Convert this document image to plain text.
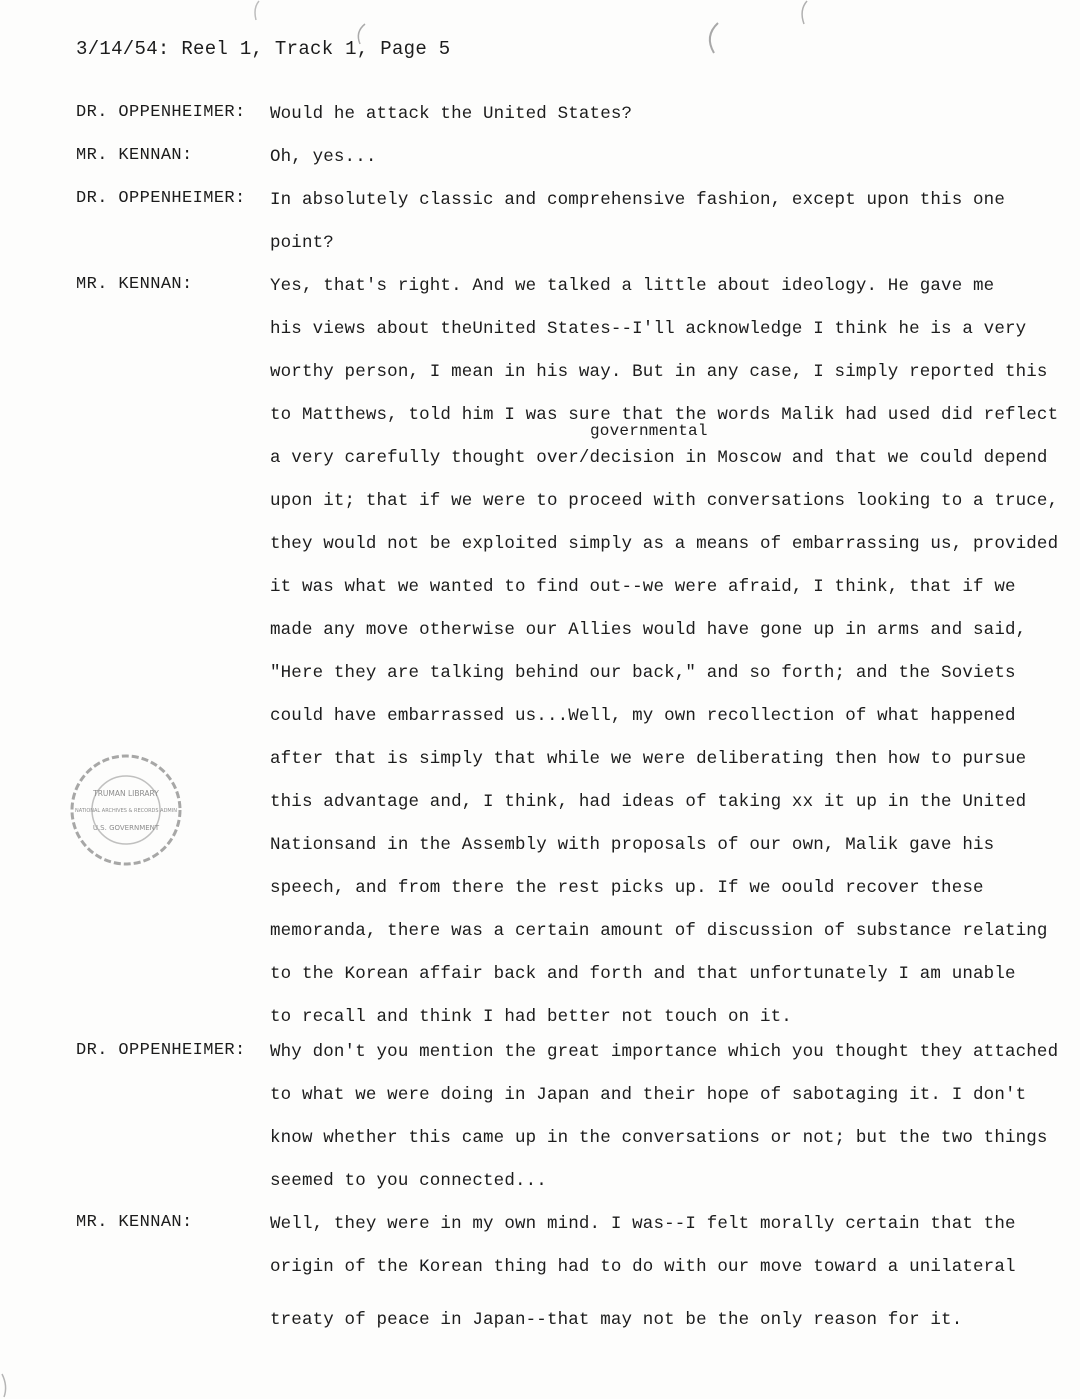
3/14/54: Reel 1, Track 1, Page 5
DR. OPPENHEIMER: Would he attack the United States?
MR. KENNAN:	Oh, yes...
DR. OPPENHEIMER: In absolutely classic and comprehensive fashion, except upon this one
point?
MR. KENNAN:	Yes, that's right. And we talked a little about ideology. He gave me
his views about theUnited States--I'll acknowledge I think he is a very
worthy person, I mean in his way. But in any case, I simply reported this
to Matthews, told him I was sure that the words Malik had used did reflect
a very carefully thought over/decision in Moscow and that we could depend
upon it; that if we were to proceed with conversations looking to a truce,
they would not be exploited simply as a means of embarrassing us, provided
it was what we wanted to find out--we were afraid, I think, that if we
made any move otherwise our Allies would have gone up in arms and said,
"Here they are talking behind our back," and so forth; and the Soviets
could have embarrassed us...Well, my own recollection of what happened
after that is simply that while we were deliberating then how to pursue
this advantage and, I think, had ideas of taking xx it up in the United
Nationsand in the Assembly with proposals of our own, Malik gave his
speech, and from there the rest picks up. If we oould recover these
memoranda, there was a certain amount of discussion of substance relating
to the Korean affair back and forth and that unfortunately I am unable
to recall and think I had better not touch on it.
DR. OPPENHEIMER: Why don't you mention the great importance which you thought they attached
to what we were doing in Japan and their hope of sabotaging it. I don't
know whether this came up in the conversations or not; but the two things
seemed to you connected...
MR. KENNAN:	Well, they were in my own mind. I was--I felt morally certain that the
origin of the Korean thing had to do with our move toward a unilateral
treaty of peace in Japan--that may not be the only reason for it.
governmental
TRUMAN LIBRARY
NATIONAL ARCHIVES & RECORDS ADMIN
U.S. GOVERNMENT
